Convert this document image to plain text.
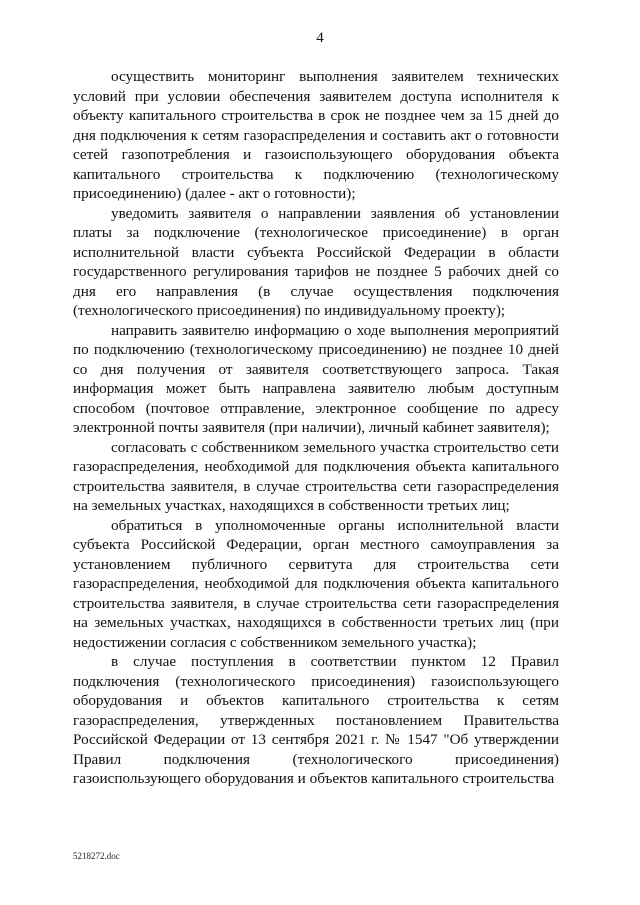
4

осуществить мониторинг выполнения заявителем технических условий при условии обеспечения заявителем доступа исполнителя к объекту капитального строительства в срок не позднее чем за 15 дней до дня подключения к сетям газораспределения и составить акт о готовности сетей газопотребления и газоиспользующего оборудования объекта капитального строительства к подключению (технологическому присоединению) (далее - акт о готовности);

уведомить заявителя о направлении заявления об установлении платы за подключение (технологическое присоединение) в орган исполнительной власти субъекта Российской Федерации в области государственного регулирования тарифов не позднее 5 рабочих дней со дня его направления (в случае осуществления подключения (технологического присоединения) по индивидуальному проекту);

направить заявителю информацию о ходе выполнения мероприятий по подключению (технологическому присоединению) не позднее 10 дней со дня получения от заявителя соответствующего запроса. Такая информация может быть направлена заявителю любым доступным способом (почтовое отправление, электронное сообщение по адресу электронной почты заявителя (при наличии), личный кабинет заявителя);

согласовать с собственником земельного участка строительство сети газораспределения, необходимой для подключения объекта капитального строительства заявителя, в случае строительства сети газораспределения на земельных участках, находящихся в собственности третьих лиц;

обратиться в уполномоченные органы исполнительной власти субъекта Российской Федерации, орган местного самоуправления за установлением публичного сервитута для строительства сети газораспределения, необходимой для подключения объекта капитального строительства заявителя, в случае строительства сети газораспределения на земельных участках, находящихся в собственности третьих лиц (при недостижении согласия с собственником земельного участка);

в случае поступления в соответствии пунктом 12 Правил подключения (технологического присоединения) газоиспользующего оборудования и объектов капитального строительства к сетям газораспределения, утвержденных постановлением Правительства Российской Федерации от 13 сентября 2021 г. № 1547 "Об утверждении Правил подключения (технологического присоединения) газоиспользующего оборудования и объектов капитального строительства

5218272.doc
